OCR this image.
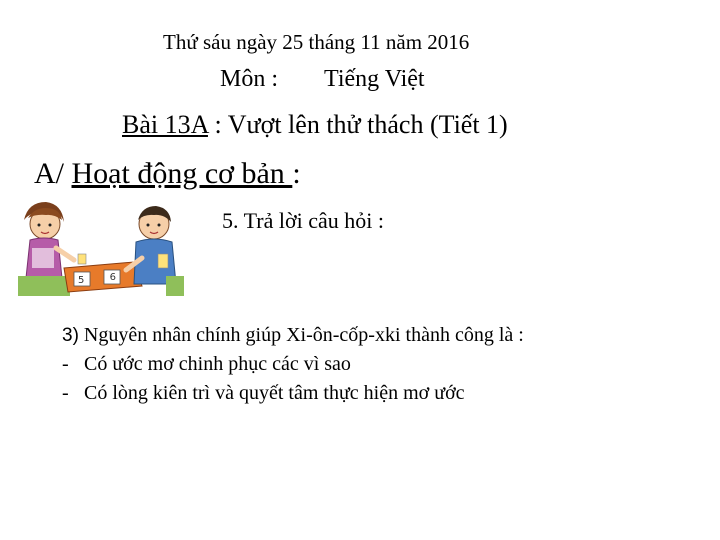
Thứ sáu ngày 25 tháng 11 năm 2016
Môn : Tiếng Việt
Bài 13A : Vượt lên thử thách (Tiết 1)
A/ Hoạt động cơ bản :
5	9
5. Trả lời câu hỏi :
3) Nguyên nhân chính giúp Xi-ôn-cốp-xki thành công là :
- Có ước mơ chinh phục các vì sao
- Có lòng kiên trì và quyết tâm thực hiện mơ ước
